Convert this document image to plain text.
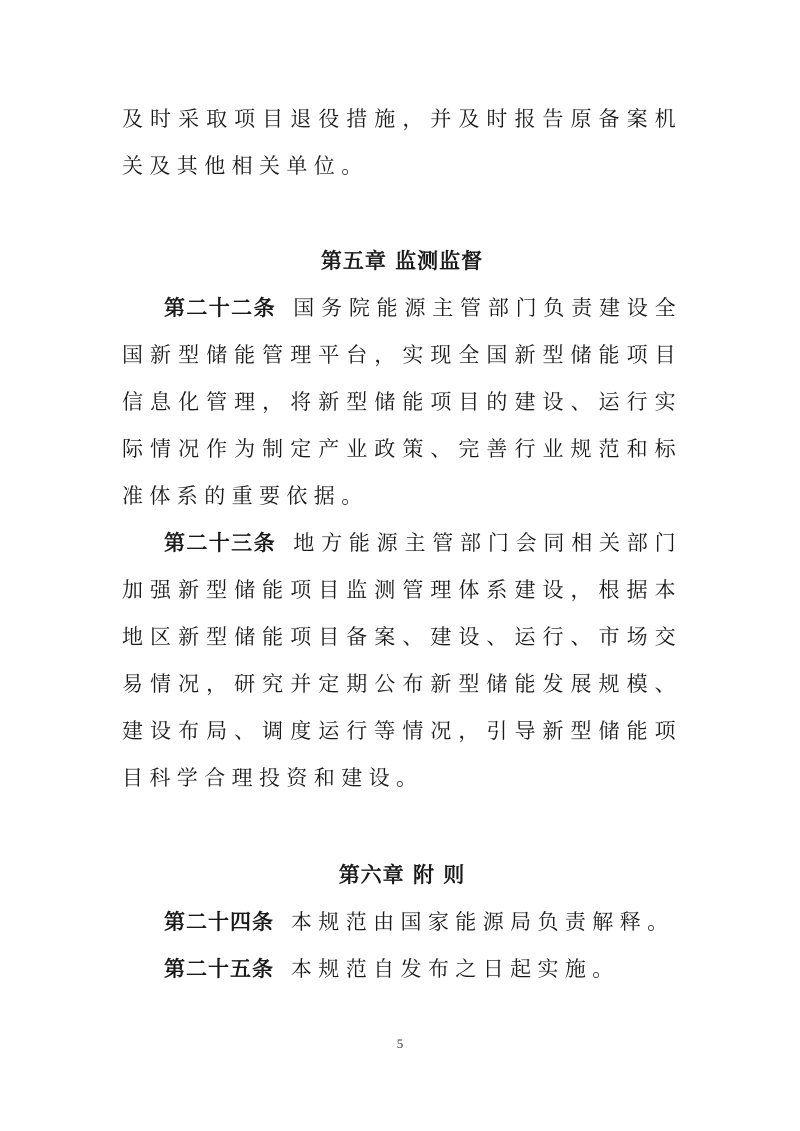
及时采取项目退役措施，并及时报告原备案机关及其他相关单位。

第五章 监测监督

第二十二条  国务院能源主管部门负责建设全国新型储能管理平台，实现全国新型储能项目信息化管理，将新型储能项目的建设、运行实际情况作为制定产业政策、完善行业规范和标准体系的重要依据。

第二十三条  地方能源主管部门会同相关部门加强新型储能项目监测管理体系建设，根据本地区新型储能项目备案、建设、运行、市场交易情况，研究并定期公布新型储能发展规模、建设布局、调度运行等情况，引导新型储能项目科学合理投资和建设。

第六章 附 则

第二十四条  本规范由国家能源局负责解释。

第二十五条  本规范自发布之日起实施。

5
